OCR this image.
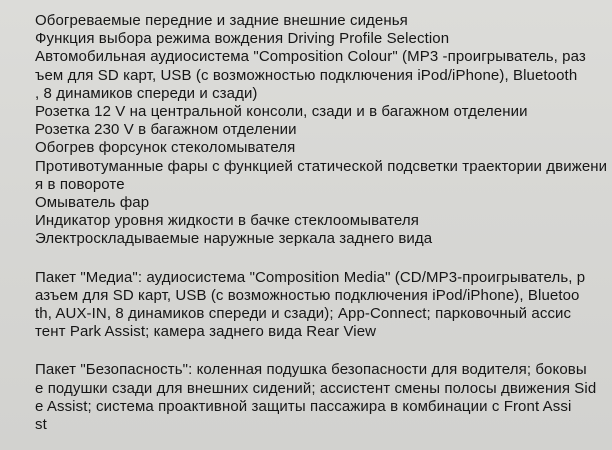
Обогреваемые передние и задние внешние сиденья
Функция выбора режима вождения Driving Profile Selection
Автомобильная аудиосистема "Composition Colour" (MP3 -проигрыватель, раз
ъем для SD карт, USB (с возможностью подключения iPod/iPhone), Bluetooth
, 8 динамиков спереди и сзади)
Розетка 12 V на центральной консоли, сзади и в багажном отделении
Розетка 230 V в багажном отделении
Обогрев форсунок стеколомывателя
Противотуманные фары с функцией статической подсветки траектории движени
я в повороте
Омыватель фар
Индикатор уровня жидкости в бачке стеклоомывателя
Электроскладываемые наружные зеркала заднего вида
Пакет "Медиа": аудиосистема "Composition Media" (CD/MP3-проигрыватель, р
азъем для SD карт, USB (с возможностью подключения iPod/iPhone), Bluetoo
th, AUX-IN, 8 динамиков спереди и сзади); App-Connect; парковочный ассис
тент Park Assist; камера заднего вида Rear View
Пакет "Безопасность": коленная подушка безопасности для водителя; боковы
е подушки сзади для внешних сидений; ассистент смены полосы движения Sid
e Assist; система проактивной защиты пассажира в комбинации с Front Assi
st
